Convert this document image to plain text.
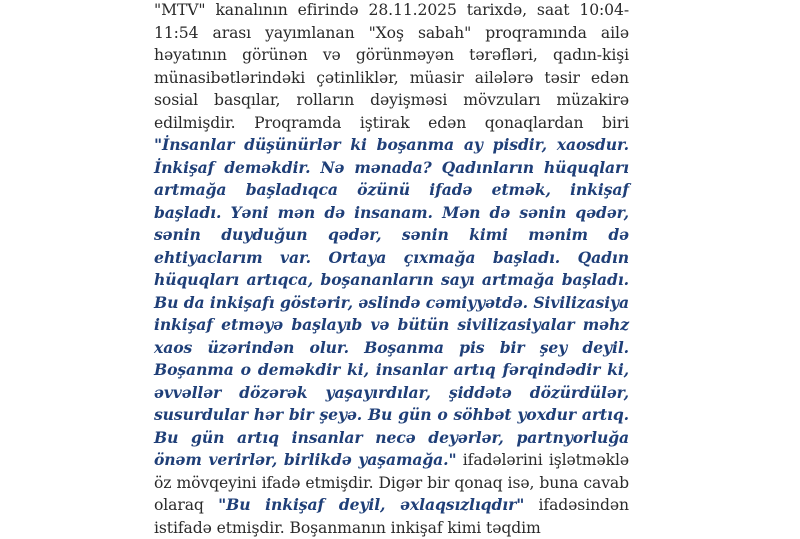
"MTV" kanalının efirində 28.11.2025 tarixdə, saat 10:04-11:54 arası yayımlanan "Xoş sabah" proqramında ailə həyatının görünən və görünməyən tərəfləri, qadın-kişi münasibətlərindəki çətinliklər, müasir ailələrə təsir edən sosial basqılar, rolların dəyişməsi mövzuları müzakirə edilmişdir. Proqramda iştirak edən qonaqlardan biri "İnsanlar düşünürlər ki boşanma ay pisdir, xaosdur. İnkişaf deməkdir. Nə mənada? Qadınların hüquqları artmağa başladıqca özünü ifadə etmək, inkişaf başladı. Yəni mən də insanam. Mən də sənin qədər, sənin duyduğun qədər, sənin kimi mənim də ehtiyaclarım var. Ortaya çıxmağa başladı. Qadın hüquqları artıqca, boşananların sayı artmağa başladı. Bu da inkişafı göstərir, əslində cəmiyyətdə. Sivilizasiya inkişaf etməyə başlayıb və bütün sivilizasiyalar məhz xaos üzərindən olur. Boşanma pis bir şey deyil. Boşanma o deməkdir ki, insanlar artıq fərqindədir ki, əvvəllər dözərək yaşayırdılar, şiddətə dözürdülər, susurdular hər bir şeyə. Bu gün o söhbət yoxdur artıq. Bu gün artıq insanlar necə deyərlər, partnyorluğa önəm verirlər, birlikdə yaşamağa." ifadələrini işlətməklə öz mövqeyini ifadə etmişdir. Digər bir qonaq isə, buna cavab olaraq "Bu inkişaf deyil, əxlaqsızlıqdır" ifadəsindən istifadə etmişdir. Boşanmanın inkişaf kimi təqdim
